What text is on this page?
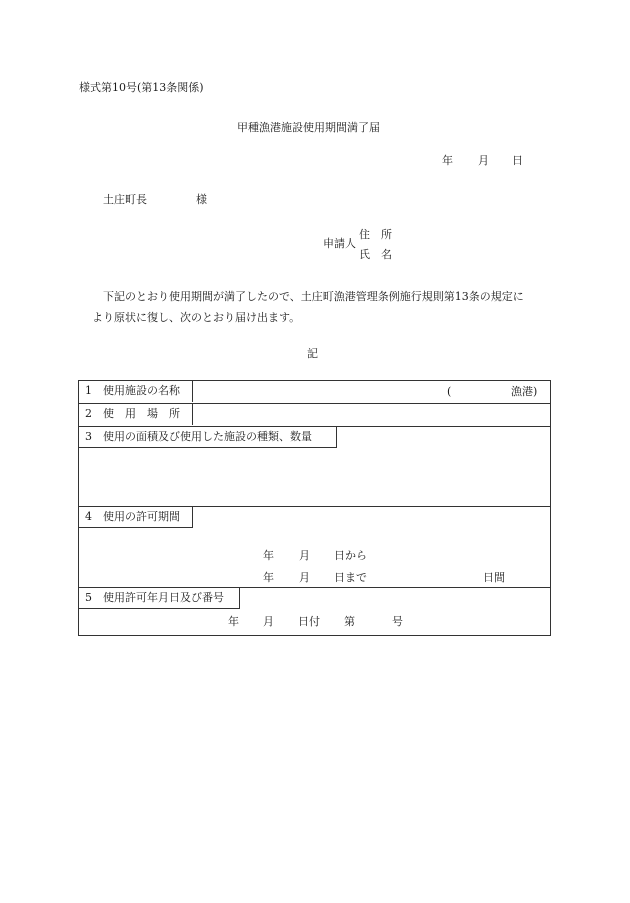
様式第10号(第13条関係)
甲種漁港施設使用期間満了届
年 月 日
土庄町長	様
申請人
住　所
氏　名
下記のとおり使用期間が満了したので、土庄町漁港管理条例施行規則第13条の規定に
より原状に復し、次のとおり届け出ます。
記
1　使用施設の名称	(	漁港)
2　使　用　場　所
3　使用の面積及び使用した施設の種類、数量
4　使用の許可期間
年 月 日から
年 月 日まで	日間
5　使用許可年月日及び番号
年 月 日付 第	号
